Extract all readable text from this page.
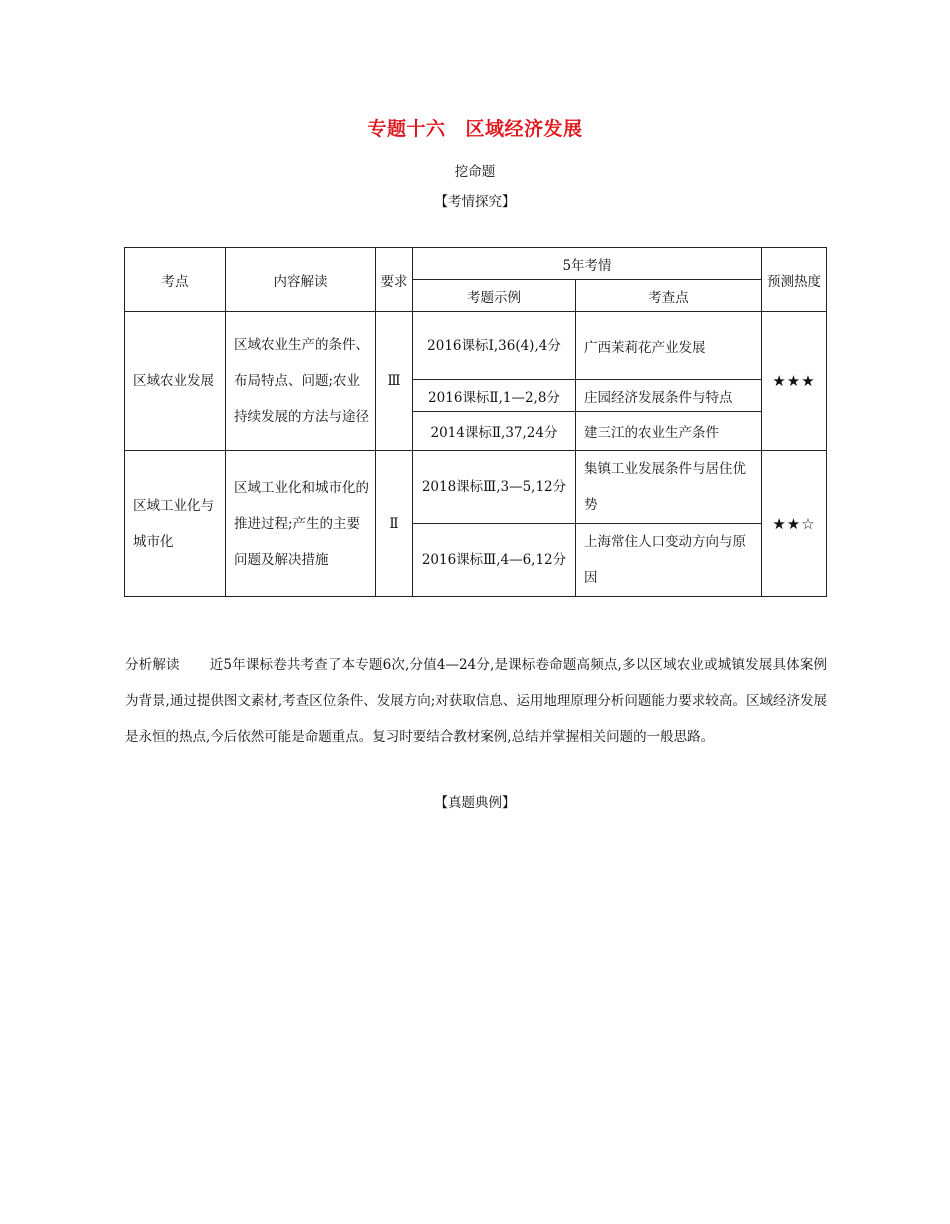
专题十六 区域经济发展
挖命题
【考情探究】
考点	内容解读	要求	5年考情		预测热度
			考题示例	考查点	
区域农业发展	区域农业生产的条件、布局特点、问题;农业持续发展的方法与途径	Ⅲ	2016课标Ⅰ,36(4),4分	广西茉莉花产业发展	★★★
			2016课标Ⅱ,1—2,8分	庄园经济发展条件与特点	
			2014课标Ⅱ,37,24分	建三江的农业生产条件	
区域工业化与城市化	区域工业化和城市化的推进过程;产生的主要问题及解决措施	Ⅱ	2018课标Ⅲ,3—5,12分	集镇工业发展条件与居住优势	★★☆
			2016课标Ⅲ,4—6,12分	上海常住人口变动方向与原因	
分析解读 近5年课标卷共考查了本专题6次,分值4—24分,是课标卷命题高频点,多以区域农业或城镇发展具体案例为背景,通过提供图文素材,考查区位条件、发展方向;对获取信息、运用地理原理分析问题能力要求较高。区域经济发展是永恒的热点,今后依然可能是命题重点。复习时要结合教材案例,总结并掌握相关问题的一般思路。
【真题典例】
